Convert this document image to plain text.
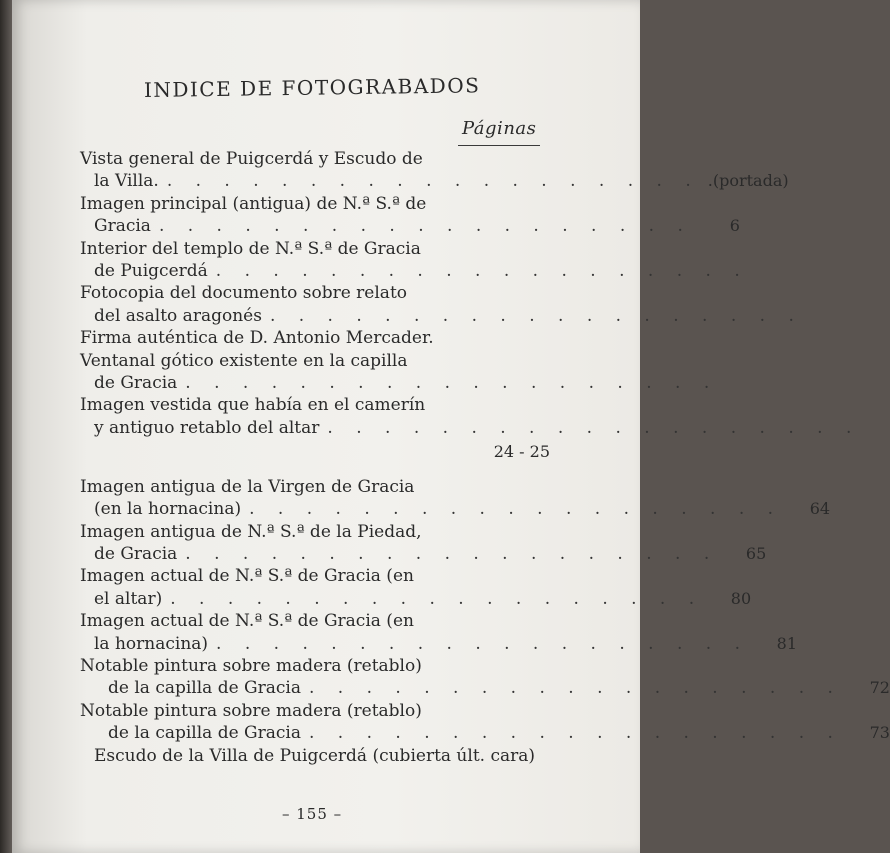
INDICE DE FOTOGRABADOS
Páginas
Vista general de Puigcerdá y Escudo de
la Villa. . . . . . . . . . . . . . . . . . . . .(portada)
Imagen principal (antigua) de N.ª S.ª de
Gracia . . . . . . . . . . . . . . . . . . .	6
Interior del templo de N.ª S.ª de Gracia
de Puigcerdá . . . . . . . . . . . . . . . . . . .
Fotocopia del documento sobre relato
del asalto aragonés . . . . . . . . . . . . . . . . . . .
Firma auténtica de D. Antonio Mercader.
Ventanal gótico existente en la capilla
de Gracia . . . . . . . . . . . . . . . . . . .
Imagen vestida que había en el camerín
y antiguo retablo del altar . . . . . . . . . . . . . . . . . . .
24 - 25
Imagen antigua de la Virgen de Gracia
(en la hornacina) . . . . . . . . . . . . . . . . . . .	64
Imagen antigua de N.ª S.ª de la Piedad,
de Gracia . . . . . . . . . . . . . . . . . . .	65
Imagen actual de N.ª S.ª de Gracia (en
el altar) . . . . . . . . . . . . . . . . . . .	80
Imagen actual de N.ª S.ª de Gracia (en
la hornacina) . . . . . . . . . . . . . . . . . . .	81
Notable pintura sobre madera (retablo)
de la capilla de Gracia . . . . . . . . . . . . . . . . . . .	72
Notable pintura sobre madera (retablo)
de la capilla de Gracia . . . . . . . . . . . . . . . . . . .	73
Escudo de la Villa de Puigcerdá (cubierta últ. cara)
– 155 –
